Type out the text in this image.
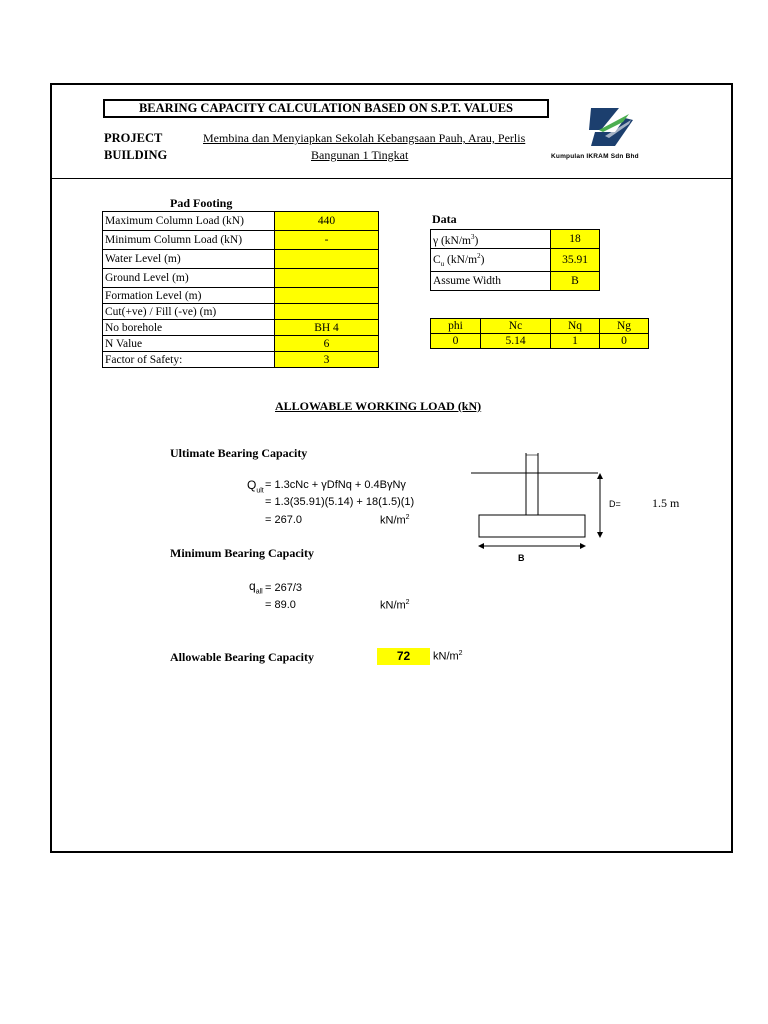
BEARING CAPACITY CALCULATION BASED ON S.P.T. VALUES
PROJECT	Membina dan Menyiapkan Sekolah Kebangsaan Pauh, Arau, Perlis
BUILDING	Bangunan 1 Tingkat	Kumpulan IKRAM Sdn Bhd
Pad Footing
Maximum Column Load (kN)	440
Minimum Column Load (kN)	-
Water Level (m)	
Ground Level (m)	
Formation Level (m)	
Cut(+ve) / Fill (-ve) (m)	
No borehole	BH 4
N Value	6
Factor of Safety:	3
Data
γ $(kN/m^3)$	18
$C_u$ $(kN/m^2)$	35.91
Assume Width	B
phi	Nc	Nq	Ng
0	5.14	1	0
ALLOWABLE WORKING LOAD (kN)
Ultimate Bearing Capacity
$Q_{ult} = 1.3cNc$ + γDfNq + 0.4BγNγ
= 1.3(35.91)(5.14) + 18(1.5)(1)
= 267.0	$kN/m^2$
Minimum Bearing Capacity
$q_{all} = 267/3$
= 89.0	$kN/m^2$
Allowable Bearing Capacity	72	$kN/m^2$
D=	1.5 m
B
